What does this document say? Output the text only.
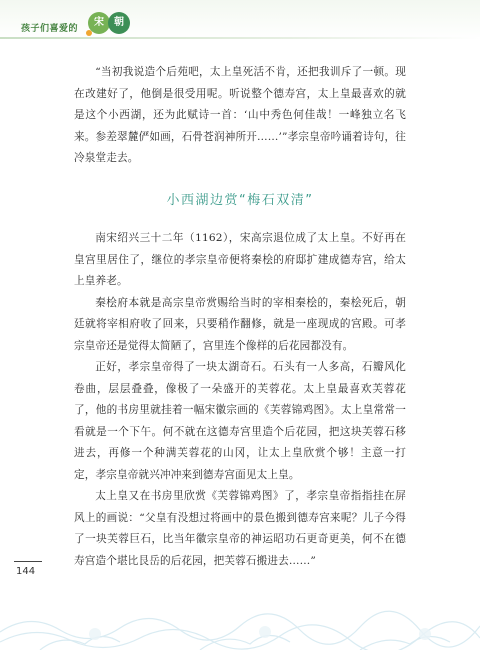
孩子们喜爱的
宋	朝

“当初我说造个后苑吧，太上皇死活不肯，还把我训斥了一顿。现在改建好了，他倒是很受用呢。听说整个德寿宫，太上皇最喜欢的就是这个小西湖，还为此赋诗一首：‘山中秀色何佳哉！一峰独立名飞来。参差翠麓俨如画，石骨苍润神所开……’”孝宗皇帝吟诵着诗句，往冷泉堂走去。

小西湖边赏“梅石双清”

南宋绍兴三十二年（1162），宋高宗退位成了太上皇。不好再在皇宫里居住了，继位的孝宗皇帝便将秦桧的府邸扩建成德寿宫，给太上皇养老。

秦桧府本就是高宗皇帝赏赐给当时的宰相秦桧的，秦桧死后，朝廷就将宰相府收了回来，只要稍作翻修，就是一座现成的宫殿。可孝宗皇帝还是觉得太简陋了，宫里连个像样的后花园都没有。

正好，孝宗皇帝得了一块太湖奇石。石头有一人多高，石瓣风化卷曲，层层叠叠，像极了一朵盛开的芙蓉花。太上皇最喜欢芙蓉花了，他的书房里就挂着一幅宋徽宗画的《芙蓉锦鸡图》。太上皇常常一看就是一个下午。何不就在这德寿宫里造个后花园，把这块芙蓉石移进去，再修一个种满芙蓉花的山冈，让太上皇欣赏个够！主意一打定，孝宗皇帝就兴冲冲来到德寿宫面见太上皇。

太上皇又在书房里欣赏《芙蓉锦鸡图》了，孝宗皇帝指指挂在屏风上的画说：“父皇有没想过将画中的景色搬到德寿宫来呢？儿子今得了一块芙蓉巨石，比当年徽宗皇帝的神运昭功石更奇更美，何不在德寿宫造个堪比艮岳的后花园，把芙蓉石搬进去……”

144
